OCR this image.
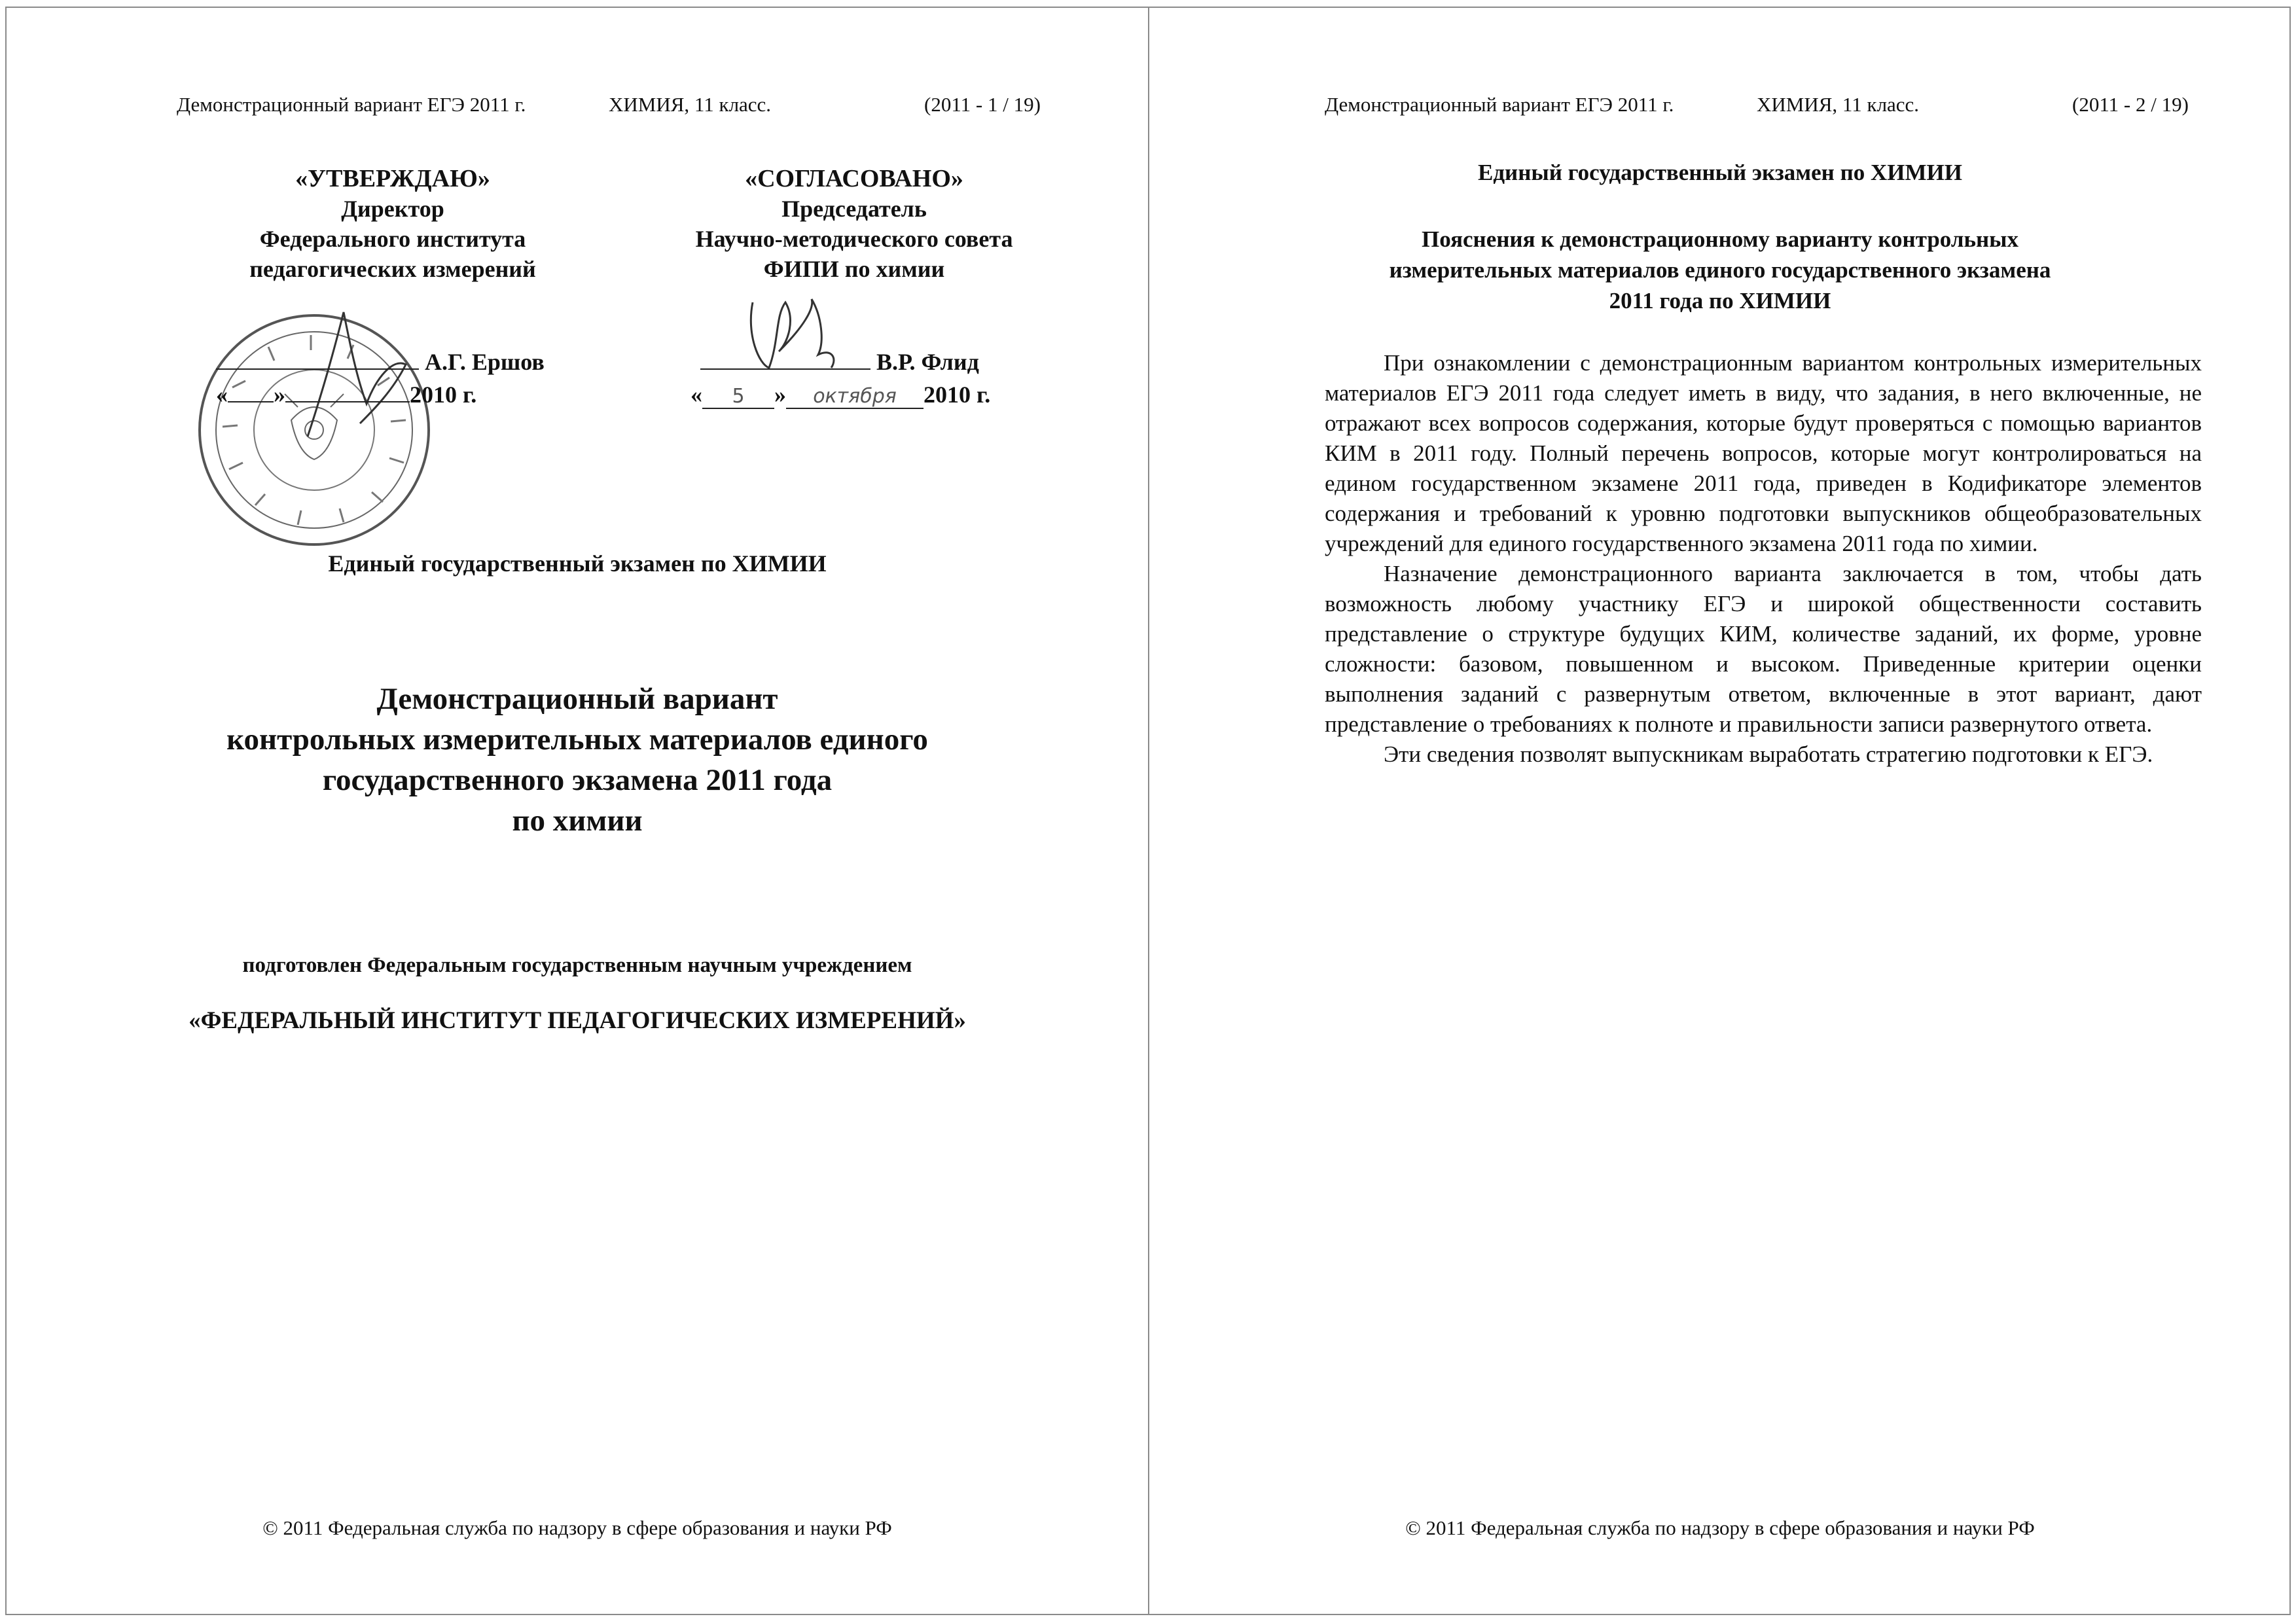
Демонстрационный вариант ЕГЭ 2011 г.	ХИМИЯ, 11 класс.	(2011 - 1 / 19)
«УТВЕРЖДАЮ»
Директор
Федерального института
педагогических измерений
«СОГЛАСОВАНО»
Председатель
Научно-методического совета
ФИПИ по химии
А.Г. Ершов
« »	2010 г.
В.Р. Флид
« 5 » октября 2010 г.
Единый государственный экзамен по ХИМИИ
Демонстрационный вариант
контрольных измерительных материалов единого
государственного экзамена 2011 года
по химии
подготовлен Федеральным государственным научным учреждением
«ФЕДЕРАЛЬНЫЙ ИНСТИТУТ ПЕДАГОГИЧЕСКИХ ИЗМЕРЕНИЙ»
© 2011 Федеральная служба по надзору в сфере образования и науки РФ
Демонстрационный вариант ЕГЭ 2011 г.	ХИМИЯ, 11 класс.	(2011 - 2 / 19)
Единый государственный экзамен по ХИМИИ
Пояснения к демонстрационному варианту контрольных
измерительных материалов единого государственного экзамена
2011 года по ХИМИИ

При ознакомлении с демонстрационным вариантом контрольных измерительных материалов ЕГЭ 2011 года следует иметь в виду, что задания, в него включенные, не отражают всех вопросов содержания, которые будут проверяться с помощью вариантов КИМ в 2011 году. Полный перечень вопросов, которые могут контролироваться на едином государственном экзамене 2011 года, приведен в Кодификаторе элементов содержания и требований к уровню подготовки выпускников общеобразовательных учреждений для единого государственного экзамена 2011 года по химии.

Назначение демонстрационного варианта заключается в том, чтобы дать возможность любому участнику ЕГЭ и широкой общественности составить представление о структуре будущих КИМ, количестве заданий, их форме, уровне сложности: базовом, повышенном и высоком. Приведенные критерии оценки выполнения заданий с развернутым ответом, включенные в этот вариант, дают представление о требованиях к полноте и правильности записи развернутого ответа.

Эти сведения позволят выпускникам выработать стратегию подготовки к ЕГЭ.

© 2011 Федеральная служба по надзору в сфере образования и науки РФ
